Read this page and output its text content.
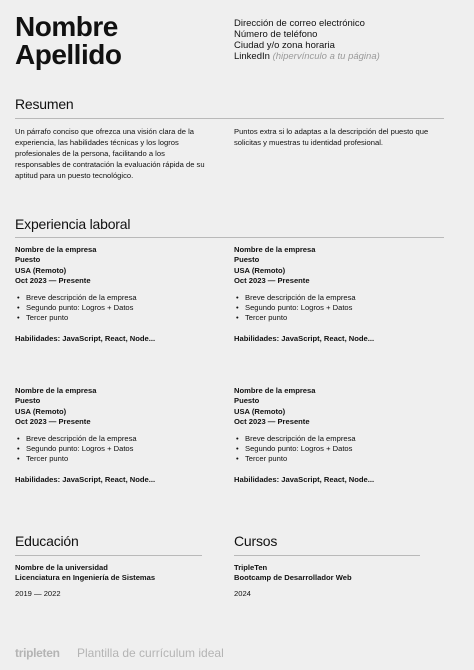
Nombre
Apellido
Dirección de correo electrónico
Número de teléfono
Ciudad y/o zona horaria
LinkedIn (hipervínculo a tu página)
Resumen
Un párrafo conciso que ofrezca una visión clara de la experiencia, las habilidades técnicas y los logros profesionales de la persona, facilitando a los responsables de contratación la evaluación rápida de su aptitud para un puesto tecnológico.
Puntos extra si lo adaptas a la descripción del puesto que solicitas y muestras tu identidad profesional.
Experiencia laboral
Nombre de la empresa
Puesto
USA (Remoto)
Oct 2023 — Presente
• Breve descripción de la empresa
• Segundo punto: Logros + Datos
• Tercer punto
Habilidades: JavaScript, React, Node...
Nombre de la empresa
Puesto
USA (Remoto)
Oct 2023 — Presente
• Breve descripción de la empresa
• Segundo punto: Logros + Datos
• Tercer punto
Habilidades: JavaScript, React, Node...
Nombre de la empresa
Puesto
USA (Remoto)
Oct 2023 — Presente
• Breve descripción de la empresa
• Segundo punto: Logros + Datos
• Tercer punto
Habilidades: JavaScript, React, Node...
Nombre de la empresa
Puesto
USA (Remoto)
Oct 2023 — Presente
• Breve descripción de la empresa
• Segundo punto: Logros + Datos
• Tercer punto
Habilidades: JavaScript, React, Node...
Educación
Nombre de la universidad
Licenciatura en Ingeniería de Sistemas
2019 — 2022
Cursos
TripleTen
Bootcamp de Desarrollador Web
2024
tripleten Plantilla de currículum ideal
